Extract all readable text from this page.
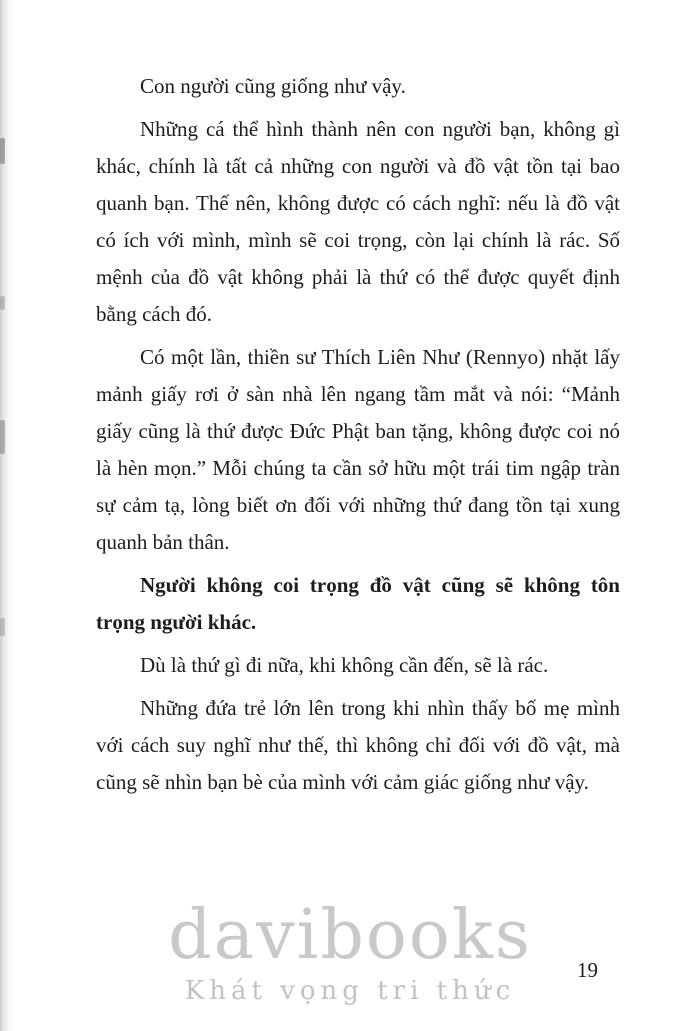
davibooks
Khát vọng tri thức

Con người cũng giống như vậy.

Những cá thể hình thành nên con người bạn, không gì khác, chính là tất cả những con người và đồ vật tồn tại bao quanh bạn. Thế nên, không được có cách nghĩ: nếu là đồ vật có ích với mình, mình sẽ coi trọng, còn lại chính là rác. Số mệnh của đồ vật không phải là thứ có thể được quyết định bằng cách đó.

Có một lần, thiền sư Thích Liên Như (Rennyo) nhặt lấy mảnh giấy rơi ở sàn nhà lên ngang tầm mắt và nói: “Mảnh giấy cũng là thứ được Đức Phật ban tặng, không được coi nó là hèn mọn.” Mỗi chúng ta cần sở hữu một trái tim ngập tràn sự cảm tạ, lòng biết ơn đối với những thứ đang tồn tại xung quanh bản thân.

Người không coi trọng đồ vật cũng sẽ không tôn trọng người khác.

Dù là thứ gì đi nữa, khi không cần đến, sẽ là rác.

Những đứa trẻ lớn lên trong khi nhìn thấy bố mẹ mình với cách suy nghĩ như thế, thì không chỉ đối với đồ vật, mà cũng sẽ nhìn bạn bè của mình với cảm giác giống như vậy.

19
